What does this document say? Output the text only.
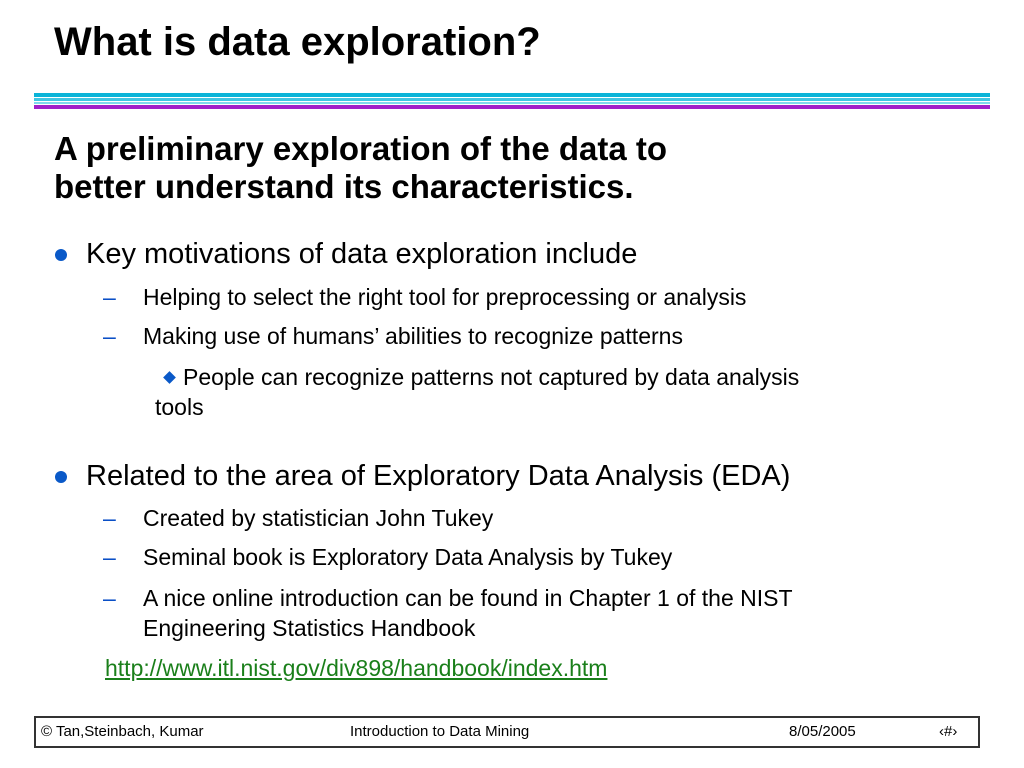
What is data exploration?
A preliminary exploration of the data to
better understand its characteristics.
Key motivations of data exploration include
– Helping to select the right tool for preprocessing or analysis
– Making use of humans’ abilities to recognize patterns
People can recognize patterns not captured by data analysis
tools
Related to the area of Exploratory Data Analysis (EDA)
– Created by statistician John Tukey
– Seminal book is Exploratory Data Analysis by Tukey
– A nice online introduction can be found in Chapter 1 of the NIST
Engineering Statistics Handbook
http://www.itl.nist.gov/div898/handbook/index.htm
© Tan,Steinbach, Kumar	Introduction to Data Mining	8/05/2005	‹#›
